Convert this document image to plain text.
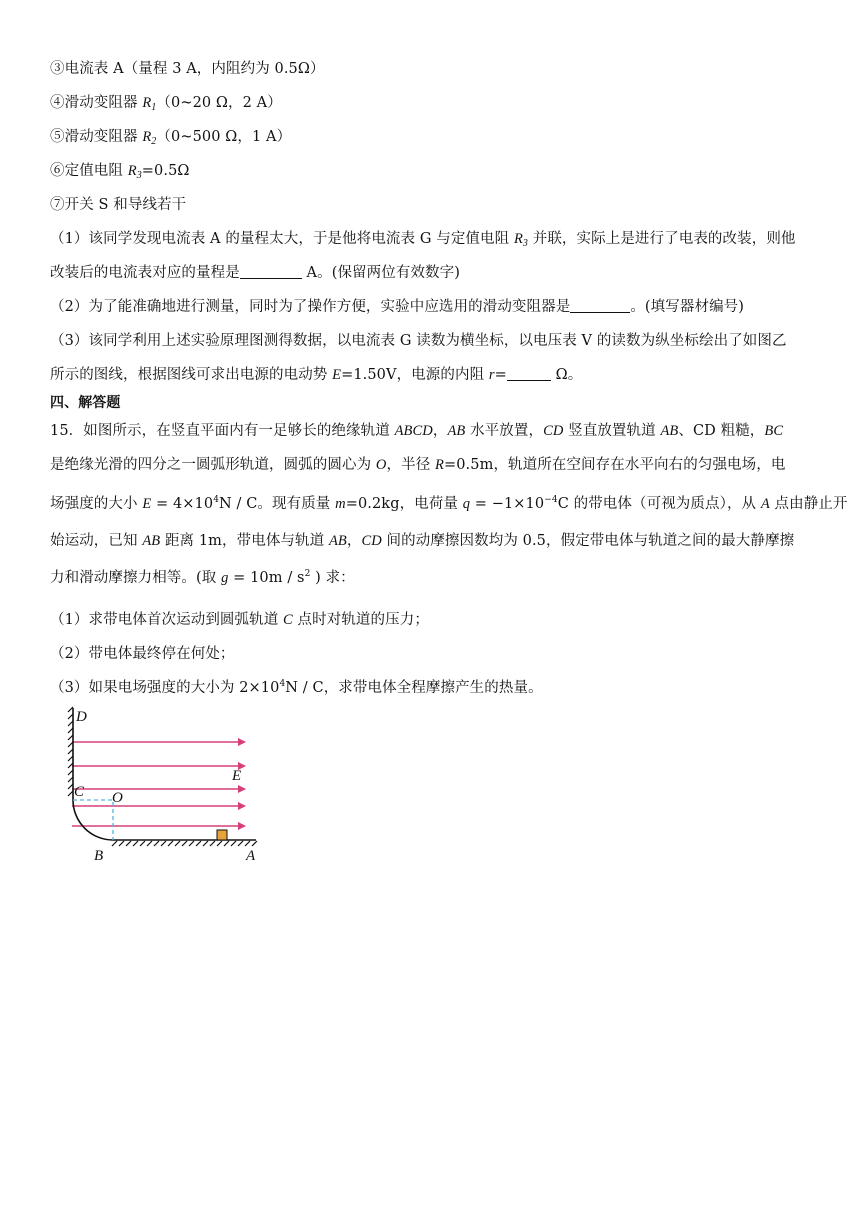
③电流表 A（量程 3 A，内阻约为 0.5Ω）
④滑动变阻器 $R_1(0\sim 20$ Ω，2 A）
⑤滑动变阻器 $R_2(0\sim 500$ Ω，1 A）
⑥定值电阻 $R_3=0.5\Omega$
⑦开关 S 和导线若干
（1）该同学发现电流表 A 的量程太大，于是他将电流表 G 与定值电阻 $R_3$ 并联，实际上是进行了电表的改装，则他
改装后的电流表对应的量程是	A。(保留两位有效数字)
（2）为了能准确地进行测量，同时为了操作方便，实验中应选用的滑动变阻器是	。(填写器材编号)
（3）该同学利用上述实验原理图测得数据，以电流表 G 读数为横坐标，以电压表 V 的读数为纵坐标绘出了如图乙
所示的图线，根据图线可求出电源的电动势 E=1.50V，电源的内阻 r=	Ω。
四、解答题
15．如图所示，在竖直平面内有一足够长的绝缘轨道 ABCD，AB 水平放置，CD 竖直放置轨道 AB、CD 粗糙，BC
是绝缘光滑的四分之一圆弧形轨道，圆弧的圆心为 O，半径 R=0.5m，轨道所在空间存在水平向右的匀强电场，电
场强度的大小 $E = 4\times 10^4N / C$。现有质量 m=0.2kg，电荷量 $q = -1\times 10^{-4}C$ 的带电体（可视为质点），从 A 点由静止开
始运动，已知 AB 距离 1m，带电体与轨道 AB，CD 间的动摩擦因数均为 0.5，假定带电体与轨道之间的最大静摩擦
力和滑动摩擦力相等。(取 $g = 10m / s^2$ ) 求：
（1）求带电体首次运动到圆弧轨道 C 点时对轨道的压力；
（2）带电体最终停在何处；
（3）如果电场强度的大小为 $2\times 10^4N / C$，求带电体全程摩擦产生的热量。
D
C O
E
B	A
